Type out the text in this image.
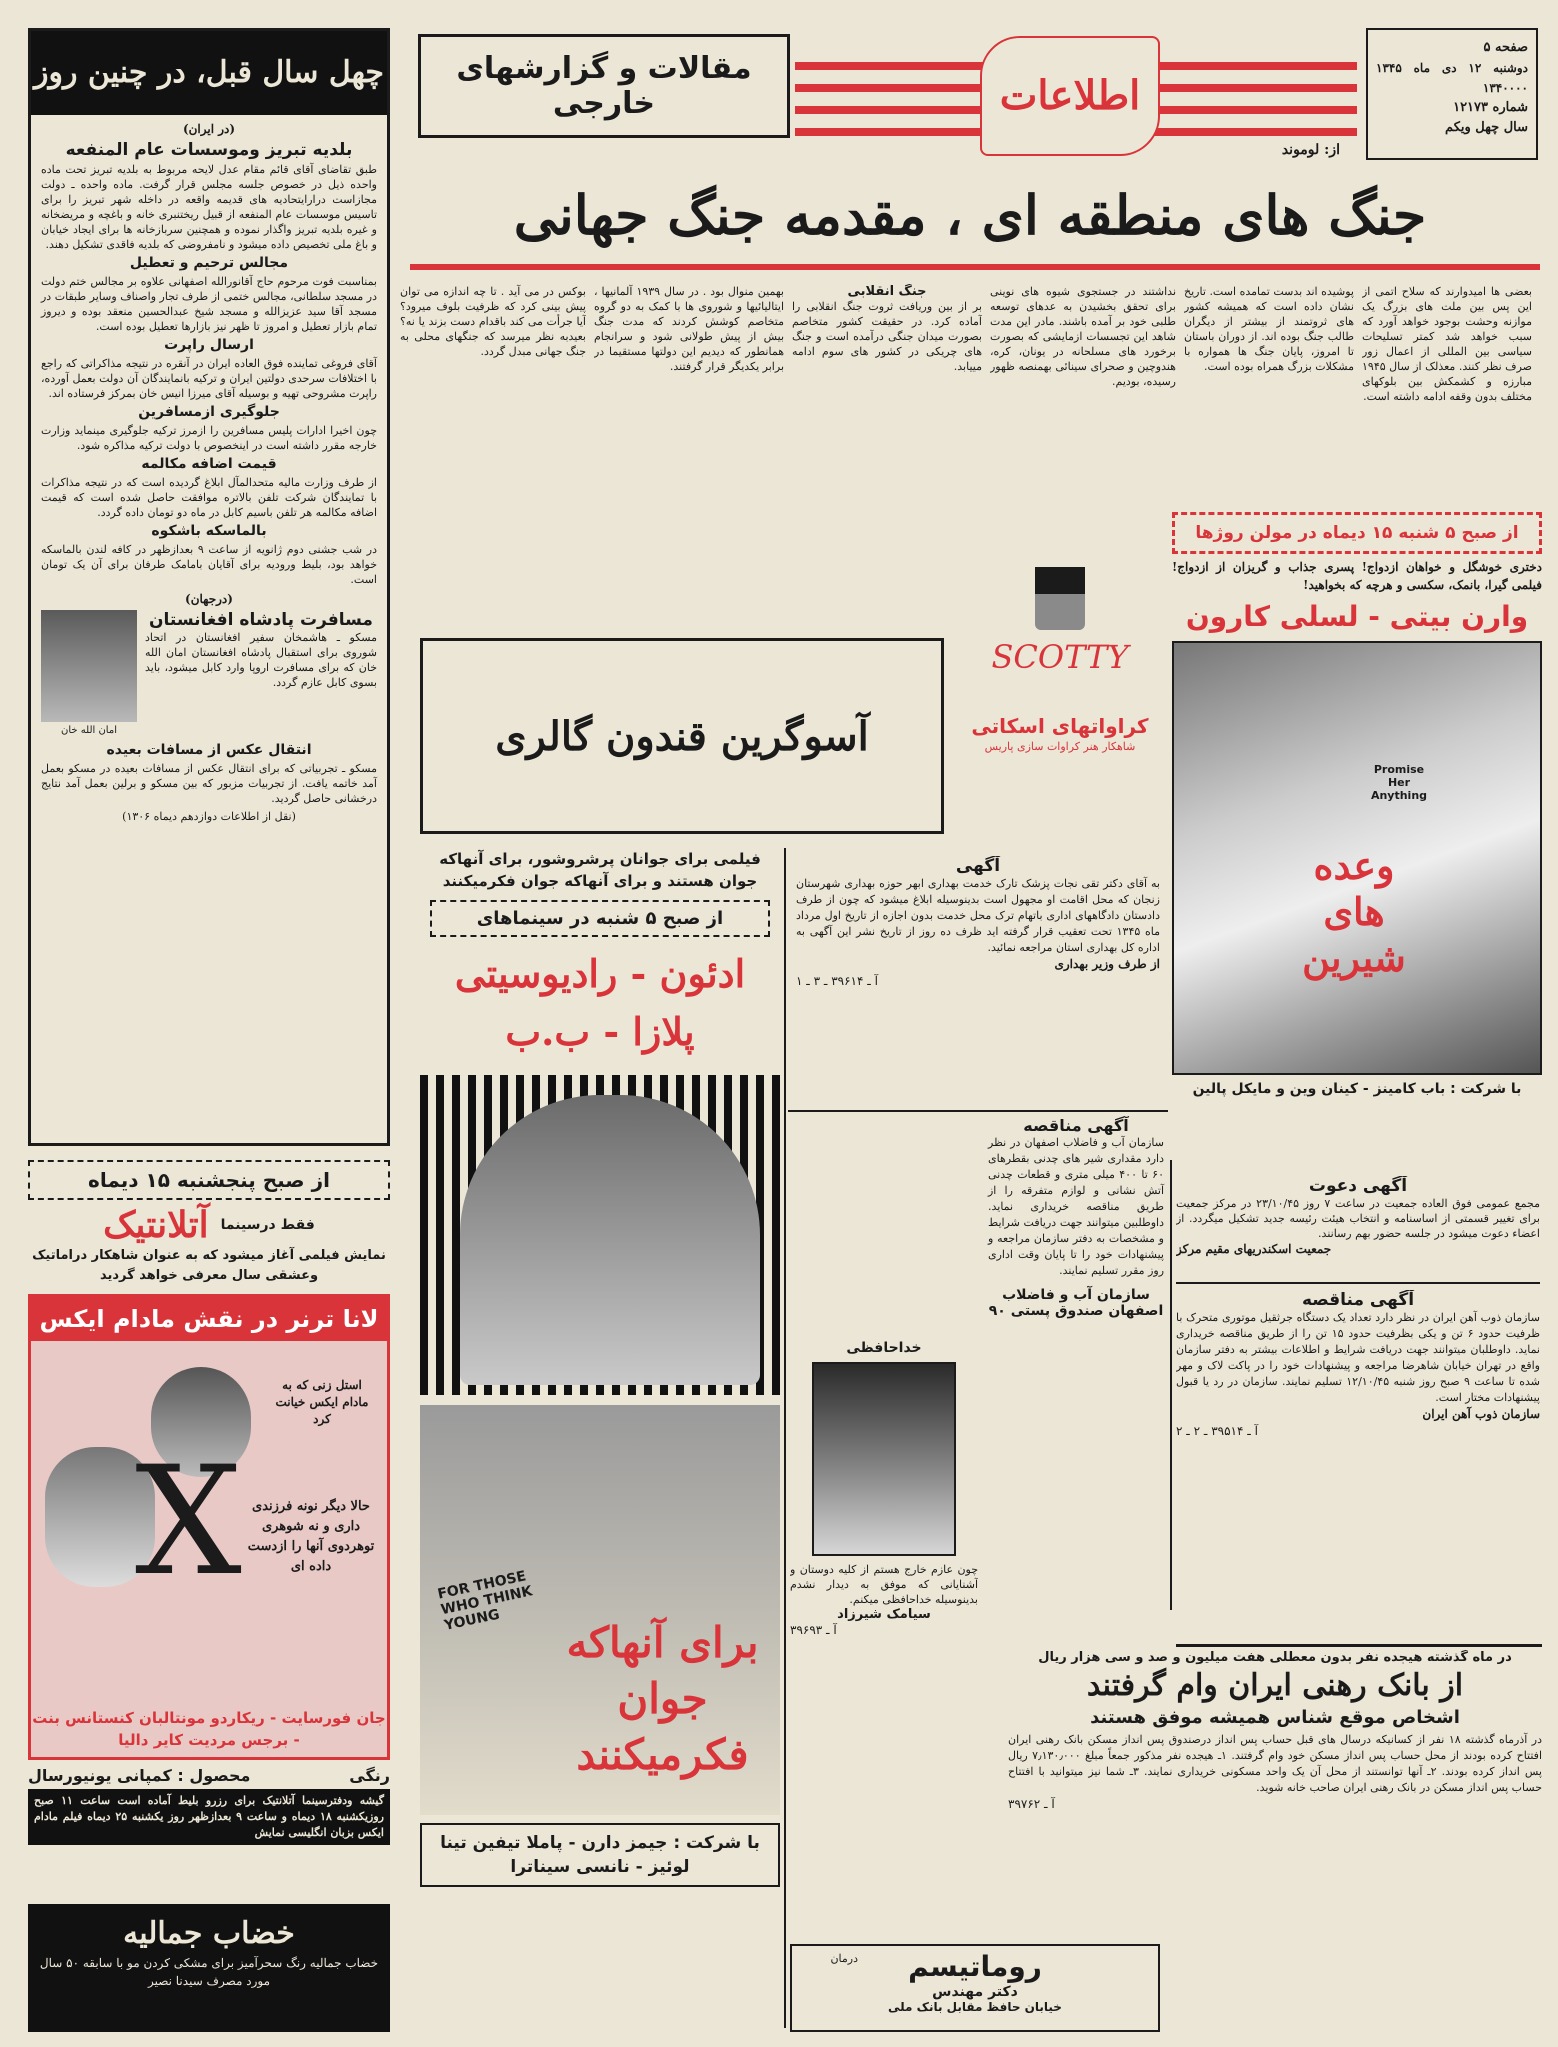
صفحه ۵
دوشنبه ۱۲ دی ماه ۱۳۴۵ ۱۳۴۰۰۰۰
شماره ۱۲۱۷۳
سال چهل ویکم
اطلاعات
مقالات و گزارشهای خارجی
چهل سال قبل، در چنین روز
(در ایران)
بلدیه تبریز وموسسات عام المنفعه
طبق تقاضای آقای قائم مقام عدل لایحه مربوط به بلدیه تبریز تحت ماده واحده ذیل در خصوص جلسه مجلس قرار گرفت. ماده واحده ـ دولت مجازاست درارایتحادیه های قدیمه واقعه در داخله شهر تبریز را برای تاسیس موسسات عام المنفعه از قبیل ریختنبری خانه و باغچه و مریضخانه و غیره بلدیه تبریز واگذار نموده و همچنین سربازخانه ها برای ایجاد خیابان و باغ ملی تخصیص داده میشود و نامفروضی که بلدیه فاقدی تشکیل دهند.
مجالس ترحیم و تعطیل
بمناسبت فوت مرحوم حاج آقانورالله اصفهانی علاوه بر مجالس ختم دولت در مسجد سلطانی، مجالس ختمی از طرف تجار واصناف وسایر طبقات در مسجد آقا سید عزیزالله و مسجد شیخ عبدالحسین منعقد بوده و دیروز تمام بازار تعطیل و امروز تا ظهر نیز بازارها تعطیل بوده است.
ارسال راپرت
آقای فروغی تماینده فوق العاده ایران در آنقره در نتیجه مذاکراتی که راجع با اختلافات سرحدی دولتین ایران و ترکیه بانمایندگان آن دولت بعمل آورده، راپرت مشروحی تهیه و بوسیله آقای میرزا انیس خان بمرکز فرستاده اند.
جلوگیری ازمسافرین
چون اخیرا ادارات پلیس مسافرین را ازمرز ترکیه جلوگیری مینماید وزارت خارجه مقرر داشته است در اینخصوص با دولت ترکیه مذاکره شود.
قیمت اضافه مکالمه
از طرف وزارت مالیه متحدالمآل ابلاغ گردیده است که در نتیجه مذاکرات با تمایندگان شرکت تلفن بالاتره موافقت حاصل شده است که قیمت اضافه مکالمه هر تلفن باسیم کابل در ماه دو تومان داده گردد.
بالماسکه باشکوه
در شب جشنی دوم ژانویه از ساعت ۹ بعدازظهر در کافه لندن بالماسکه خواهد بود، بلیط ورودیه برای آقایان بامامک طرفان برای آن یک تومان است.
(درجهان)
مسافرت پادشاه افغانستان
مسکو ـ هاشمخان سفیر افغانستان در اتحاد شوروی برای استقبال پادشاه افغانستان امان الله خان که برای مسافرت اروپا وارد کابل میشود، باید بسوی کابل عازم گردد.
امان الله خان
انتقال عکس از مسافات بعیده
مسکو ـ تجربیاتی که برای انتقال عکس از مسافات بعیده در مسکو بعمل آمد خاتمه یافت. از تجربیات مزبور که بین مسکو و برلین بعمل آمد نتایج درخشانی حاصل گردید.
(نقل از اطلاعات دوازدهم دیماه ۱۳۰۶)
از: لوموند
جنگ های منطقه ای ، مقدمه جنگ جهانی
بعضی ها امیدوارند که سلاح اتمی از این پس بین ملت های بزرگ یک موازنه وحشت بوجود خواهد آورد که سبب خواهد شد کمتر تسلیحات سیاسی بین المللی از اعمال زور صرف نظر کنند. معذلک از سال ۱۹۴۵ مبارزه و کشمکش بین بلوکهای مختلف بدون وقفه ادامه داشته است.
پوشیده اند بدست تمامده است. تاریخ نشان داده است که همیشه کشور های ثروتمند از بیشتر از دیگران طالب جنگ بوده اند. از دوران باستان تا امروز، پایان جنگ ها همواره با مشکلات بزرگ همراه بوده است.
نداشتند در جستجوی شیوه های نوینی برای تحقق بخشیدن به عدهای توسعه طلبی خود بر آمده باشند. مادر این مدت شاهد این تجسسات ازمایشی که بصورت برخورد های مسلحانه در یونان، کره، هندوچین و صحرای سینائی بهمنصه ظهور رسیده، بودیم.
جنگ انقلابی
بر از بین وریافت ثروت جنگ انقلابی را آماده کرد. در حقیقت کشور متخاصم بصورت میدان جنگی درآمده است و جنگ های چریکی در کشور های سوم ادامه مییابد.
بهمین منوال بود . در سال ۱۹۳۹ آلمانیها ، ایتالیائیها و شوروی ها با کمک به دو گروه متخاصم کوشش کردند که مدت جنگ بیش از پیش طولانی شود و سرانجام همانطور که دیدیم این دولتها مستقیما در برابر یکدیگر قرار گرفتند.
بوکس در می آید . تا چه اندازه می توان پیش بینی کرد که ظرفیت بلوف میرود؟ آیا جرأت می کند باقدام دست بزند یا نه؟ بعیدبه نظر میرسد که جنگهای محلی به جنگ جهانی مبدل گردد.
آسوگرین قندون گالری
SCOTTY
کراواتهای اسکاتی
شاهکار هنر کراوات سازی پاریس
از صبح ۵ شنبه ۱۵ دیماه در مولن روژها
دختری خوشگل و خواهان ازدواج! پسری جذاب و گریزان از ازدواج! فیلمی گیرا، بانمک، سکسی و هرچه که بخواهید!
وارن بیتی - لسلی کارون
Promise Her Anything
وعده های شیرین
با شرکت : باب کامینز - کینان وین و مایکل پالین
فیلمی برای جوانان پرشروشور، برای آنهاکه جوان هستند و برای آنهاکه جوان فکرمیکنند
از صبح ۵ شنبه در سینماهای
ادئون - رادیوسیتی پلازا - ب.ب
FOR THOSE WHO THINK YOUNG	برای آنهاکه جوان فکرمیکنند
با شرکت : جیمز دارن - پاملا تیفین تینا لوئیز - نانسی سیناترا
آگهی
به آقای دکتر تقی نجات پزشک تارک خدمت بهداری ابهر حوزه بهداری شهرستان زنجان که محل اقامت او مجهول است بدینوسیله ابلاغ میشود که چون از طرف دادستان دادگاههای اداری باتهام ترک محل خدمت بدون اجازه از تاریخ اول مرداد ماه ۱۳۴۵ تحت تعقیب قرار گرفته اید ظرف ده روز از تاریخ نشر این آگهی به اداره کل بهداری استان مراجعه نمائید.
از طرف وزیر بهداری
آ ـ ۳۹۶۱۴ ـ ۳ ـ ۱
آگهی مناقصه
سازمان آب و فاضلاب اصفهان در نظر دارد مقداری شیر های چدنی بقطرهای ۶۰ تا ۴۰۰ میلی متری و قطعات چدنی آتش نشانی و لوازم متفرقه را از طریق مناقصه خریداری نماید. داوطلبین میتوانند جهت دریافت شرایط و مشخصات به دفتر سازمان مراجعه و پیشنهادات خود را تا پایان وقت اداری روز مقرر تسلیم نمایند.
سازمان آب و فاضلاب اصفهان صندوق پستی ۹۰
خداحافظی
چون عازم خارج هستم از کلیه دوستان و آشنایانی که موفق به دیدار نشدم بدینوسیله خداحافظی میکنم.
سیامک شیرزاد
آ ـ ۳۹۶۹۳
درمان	روماتیسم
دکتر مهندس
خیابان حافظ مقابل بانک ملی
آگهی دعوت
مجمع عمومی فوق العاده جمعیت در ساعت ۷ روز ۲۳/۱۰/۴۵ در مرکز جمعیت برای تغییر قسمتی از اساسنامه و انتخاب هیئت رئیسه جدید تشکیل میگردد. از اعضاء دعوت میشود در جلسه حضور بهم رسانند.
جمعیت اسکندریهای مقیم مرکز
آگهی مناقصه
سازمان ذوب آهن ایران در نظر دارد تعداد یک دستگاه جرثقیل موتوری متحرک با ظرفیت حدود ۶ تن و یکی بظرفیت حدود ۱۵ تن را از طریق مناقصه خریداری نماید. داوطلبان میتوانند جهت دریافت شرایط و اطلاعات بیشتر به دفتر سازمان واقع در تهران خیابان شاهرضا مراجعه و پیشنهادات خود را در پاکت لاک و مهر شده تا ساعت ۹ صبح روز شنبه ۱۲/۱۰/۴۵ تسلیم نمایند. سازمان در رد یا قبول پیشنهادات مختار است.
سازمان ذوب آهن ایران
آ ـ ۳۹۵۱۴ ـ ۲ ـ ۲
در ماه گذشته هیجده نفر بدون معطلی هفت میلیون و صد و سی هزار ریال
از بانک رهنی ایران وام گرفتند
اشخاص موقع شناس همیشه موفق هستند
در آذرماه گذشته ۱۸ نفر از کسانیکه درسال های قبل حساب پس انداز درصندوق پس انداز مسکن بانک رهنی ایران افتتاح کرده بودند از محل حساب پس انداز مسکن خود وام گرفتند. ۱ـ هیجده نفر مذکور جمعاً مبلغ ۷٫۱۳۰٫۰۰۰ ریال پس انداز کرده بودند. ۲ـ آنها توانستند از محل آن یک واحد مسکونی خریداری نمایند. ۳ـ شما نیز میتوانید با افتتاح حساب پس انداز مسکن در بانک رهنی ایران صاحب خانه شوید.
آ ـ ۳۹۷۶۲
از صبح پنجشنبه ۱۵ دیماه
فقط درسینما
آتلانتیک
نمایش فیلمی آغاز میشود که به عنوان شاهکار دراماتیک وعشقی سال معرفی خواهد گردید
لانا ترنر در نقش مادام ایکس
X
استل زنی که به مادام ایکس خیانت کرد
حالا دیگر نونه فرزندی داری و نه شوهری توهردوی آنها را ازدست داده ای
جان فورسایت - ریکاردو مونتالبان کنستانس بنت - برجس مردیت کایر دالیا
رنگی
محصول : کمپانی یونیورسال
گیشه ودفترسینما آتلانتیک برای رزرو بلیط آماده است ساعت ۱۱ صبح روزیکشنبه ۱۸ دیماه و ساعت ۹ بعدازظهر روز یکشنبه ۲۵ دیماه فیلم مادام ایکس بزبان انگلیسی نمایش
خضاب جمالیه
خضاب جمالیه رنگ سحرآمیز برای مشکی کردن مو با سابقه ۵۰ سال مورد مصرف سیدنا نصیر
